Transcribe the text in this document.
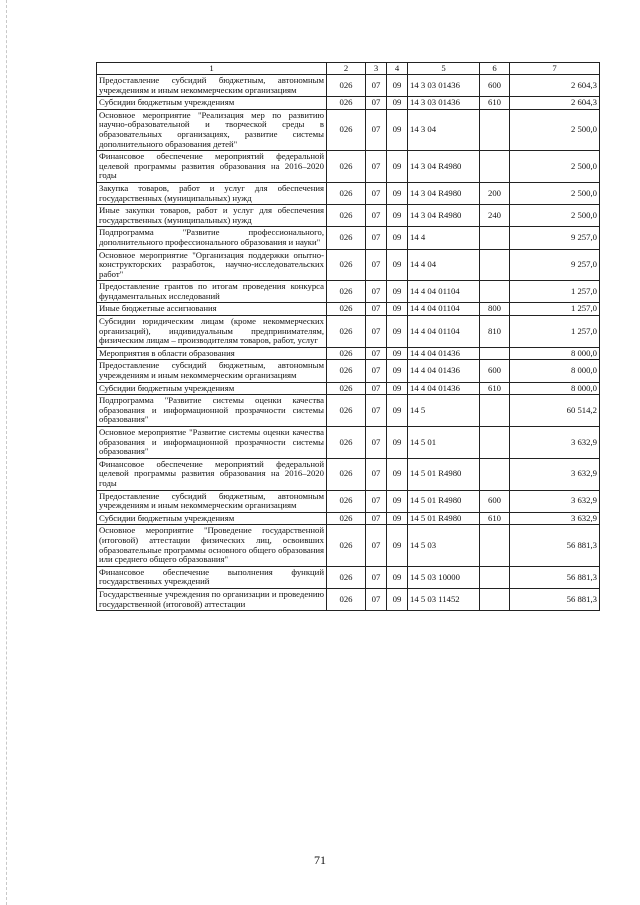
1	2	3	4	5	6	7
Предоставление субсидий бюджетным, автономным учреждениям и иным некоммерческим организациям	026	07	09	14 3 03 01436	600	2 604,3
Субсидии бюджетным учреждениям	026	07	09	14 3 03 01436	610	2 604,3
Основное мероприятие "Реализация мер по развитию научно-образовательной и творческой среды в образовательных организациях, развитие системы дополнительного образования детей"	026	07	09	14 3 04		2 500,0
Финансовое обеспечение мероприятий федеральной целевой программы развития образования на 2016–2020 годы	026	07	09	14 3 04 R4980		2 500,0
Закупка товаров, работ и услуг для обеспечения государственных (муниципальных) нужд	026	07	09	14 3 04 R4980	200	2 500,0
Иные закупки товаров, работ и услуг для обеспечения государственных (муниципальных) нужд	026	07	09	14 3 04 R4980	240	2 500,0
Подпрограмма "Развитие профессионального, дополнительного профессионального образования и науки"	026	07	09	14 4		9 257,0
Основное мероприятие "Организация поддержки опытно-конструкторских разработок, научно-исследовательских работ"	026	07	09	14 4 04		9 257,0
Предоставление грантов по итогам проведения конкурса фундаментальных исследований	026	07	09	14 4 04 01104		1 257,0
Иные бюджетные ассигнования	026	07	09	14 4 04 01104	800	1 257,0
Субсидии юридическим лицам (кроме некоммерческих организаций), индивидуальным предпринимателям, физическим лицам – производителям товаров, работ, услуг	026	07	09	14 4 04 01104	810	1 257,0
Мероприятия в области образования	026	07	09	14 4 04 01436		8 000,0
Предоставление субсидий бюджетным, автономным учреждениям и иным некоммерческим организациям	026	07	09	14 4 04 01436	600	8 000,0
Субсидии бюджетным учреждениям	026	07	09	14 4 04 01436	610	8 000,0
Подпрограмма "Развитие системы оценки качества образования и информационной прозрачности системы образования"	026	07	09	14 5		60 514,2
Основное мероприятие "Развитие системы оценки качества образования и информационной прозрачности системы образования"	026	07	09	14 5 01		3 632,9
Финансовое обеспечение мероприятий федеральной целевой программы развития образования на 2016–2020 годы	026	07	09	14 5 01 R4980		3 632,9
Предоставление субсидий бюджетным, автономным учреждениям и иным некоммерческим организациям	026	07	09	14 5 01 R4980	600	3 632,9
Субсидии бюджетным учреждениям	026	07	09	14 5 01 R4980	610	3 632,9
Основное мероприятие "Проведение государственной (итоговой) аттестации физических лиц, освоивших образовательные программы основного общего образования или среднего общего образования"	026	07	09	14 5 03		56 881,3
Финансовое обеспечение выполнения функций государственных учреждений	026	07	09	14 5 03 10000		56 881,3
Государственные учреждения по организации и проведению государственной (итоговой) аттестации	026	07	09	14 5 03 11452		56 881,3
71
